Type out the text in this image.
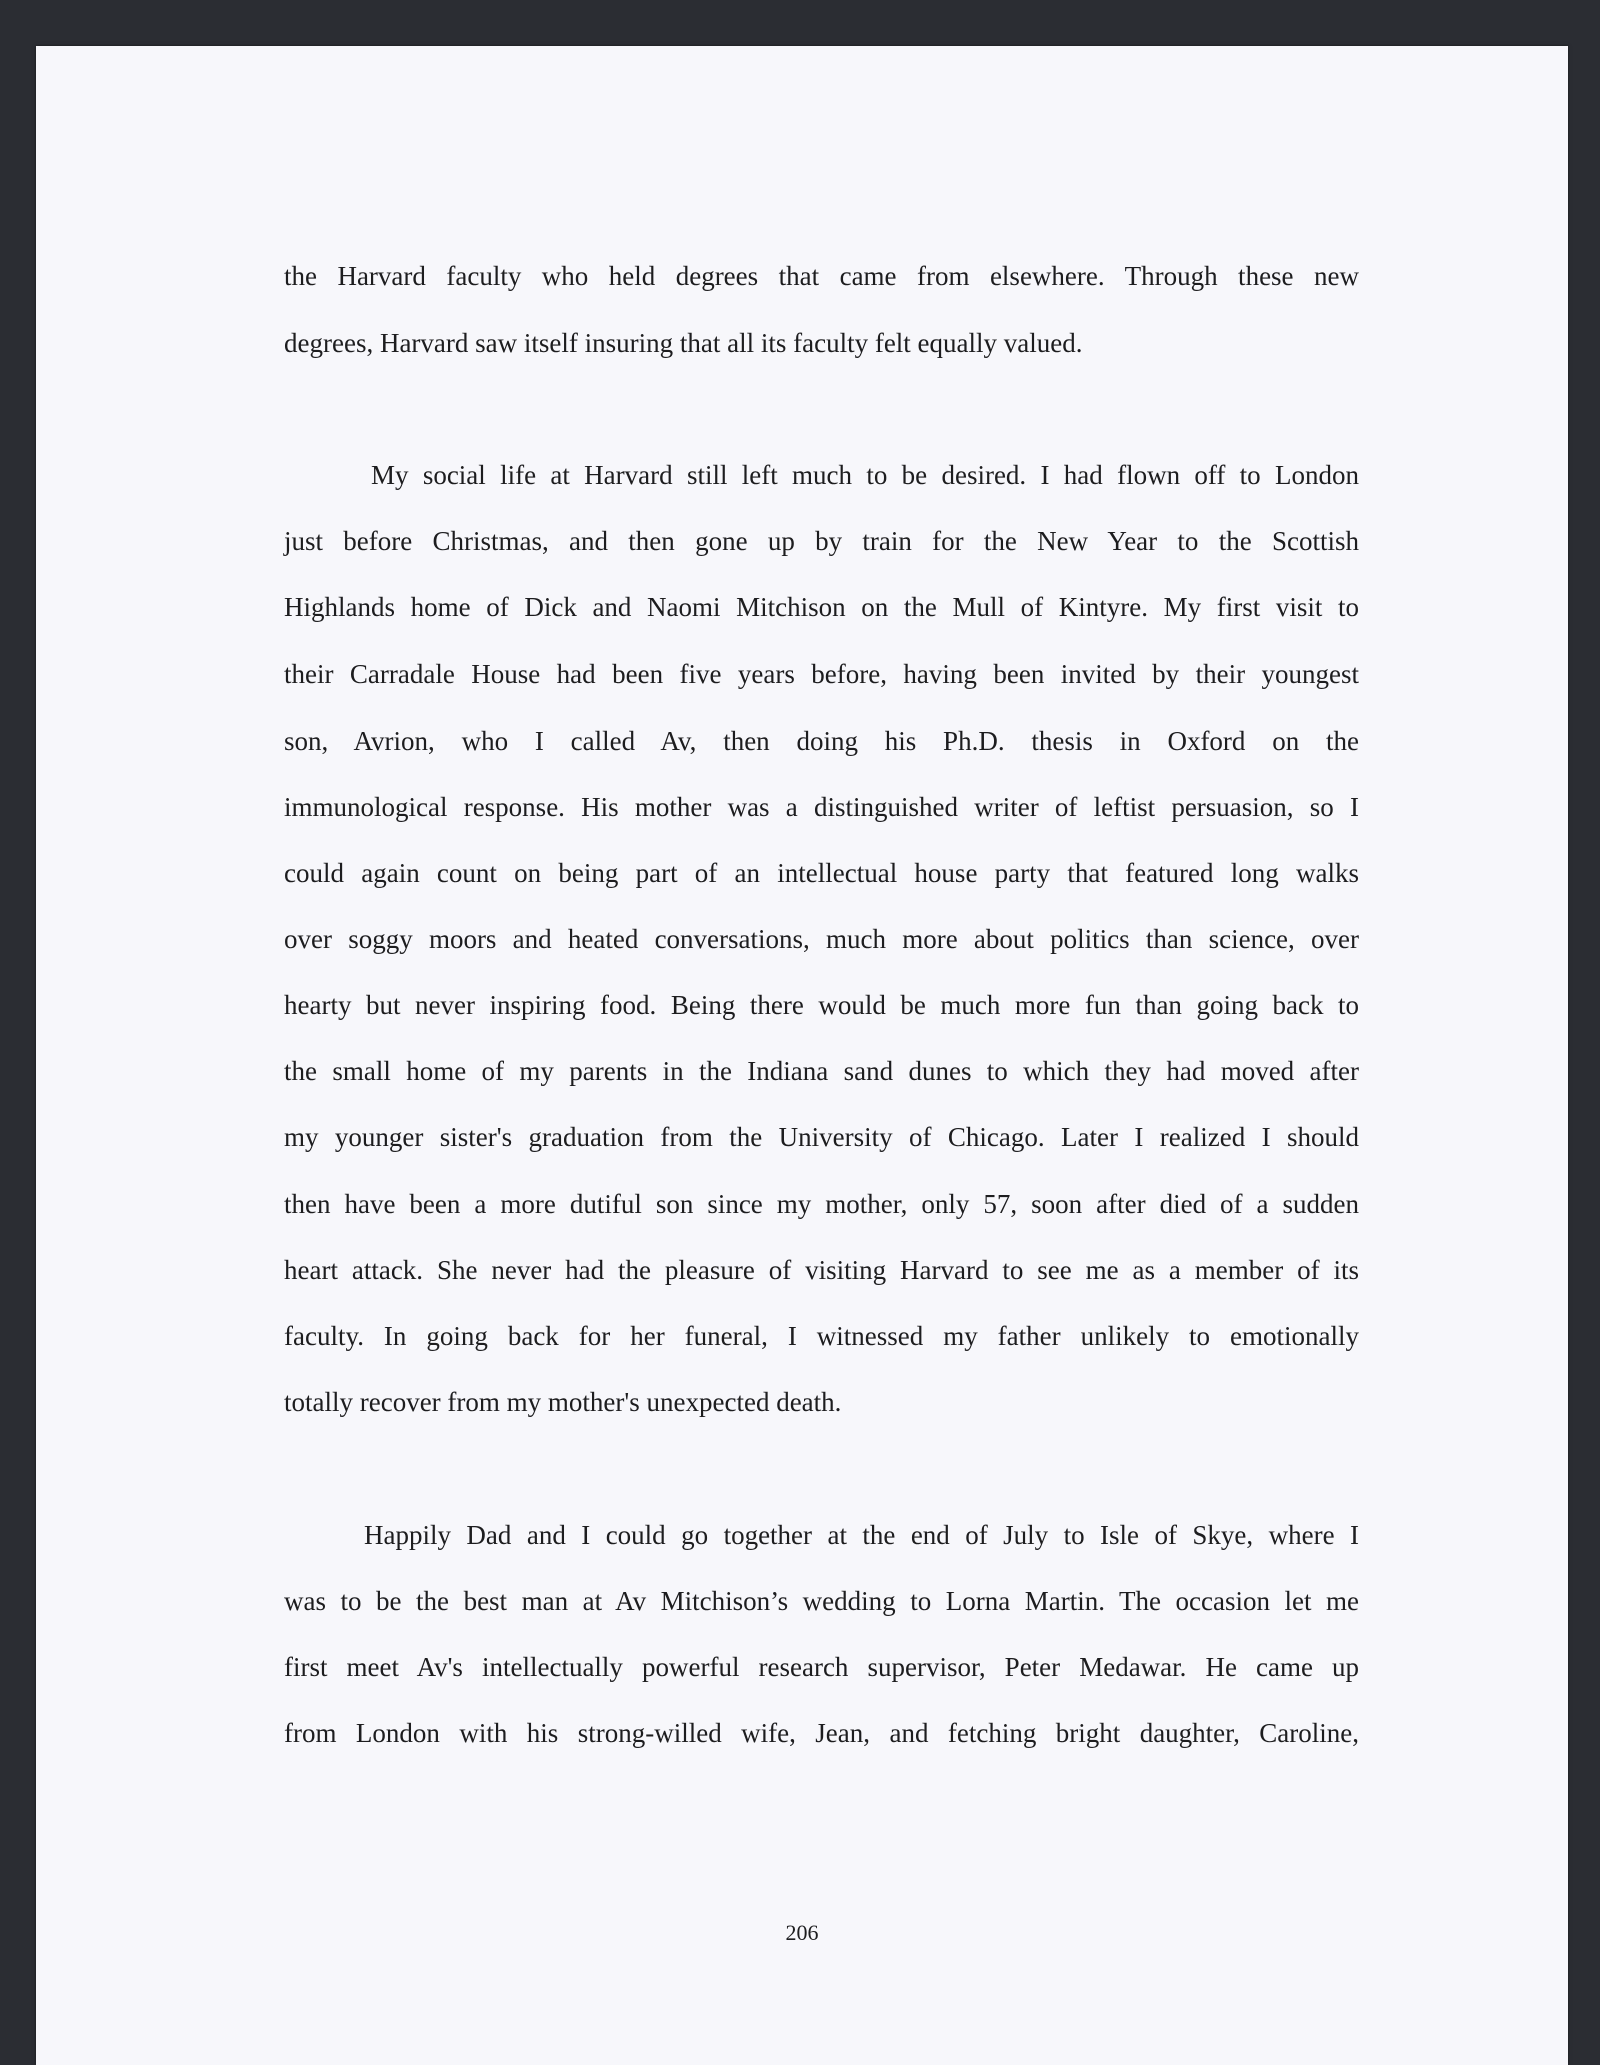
the Harvard faculty who held degrees that came from elsewhere. Through these new
degrees, Harvard saw itself insuring that all its faculty felt equally valued.
My social life at Harvard still left much to be desired. I had flown off to London
just before Christmas, and then gone up by train for the New Year to the Scottish
Highlands home of Dick and Naomi Mitchison on the Mull of Kintyre. My first visit to
their Carradale House had been five years before, having been invited by their youngest
son, Avrion, who I called Av, then doing his Ph.D. thesis in Oxford on the
immunological response. His mother was a distinguished writer of leftist persuasion, so I
could again count on being part of an intellectual house party that featured long walks
over soggy moors and heated conversations, much more about politics than science, over
hearty but never inspiring food. Being there would be much more fun than going back to
the small home of my parents in the Indiana sand dunes to which they had moved after
my younger sister's graduation from the University of Chicago. Later I realized I should
then have been a more dutiful son since my mother, only 57, soon after died of a sudden
heart attack. She never had the pleasure of visiting Harvard to see me as a member of its
faculty. In going back for her funeral, I witnessed my father unlikely to emotionally
totally recover from my mother's unexpected death.
Happily Dad and I could go together at the end of July to Isle of Skye, where I
was to be the best man at Av Mitchison’s wedding to Lorna Martin. The occasion let me
first meet Av's intellectually powerful research supervisor, Peter Medawar. He came up
from London with his strong-willed wife, Jean, and fetching bright daughter, Caroline,
206
